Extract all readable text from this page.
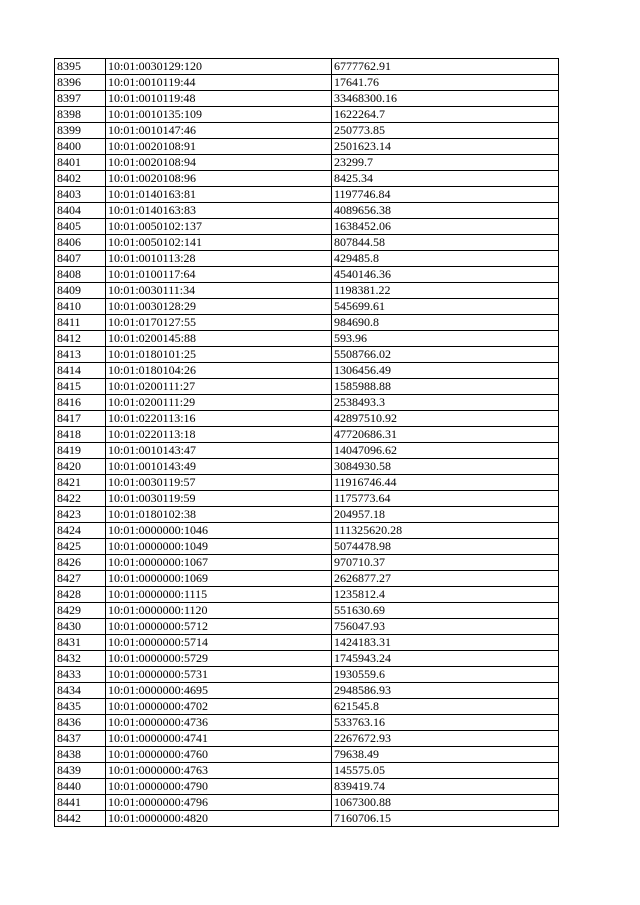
8395	10:01:0030129:120	6777762.91
8396	10:01:0010119:44	17641.76
8397	10:01:0010119:48	33468300.16
8398	10:01:0010135:109	1622264.7
8399	10:01:0010147:46	250773.85
8400	10:01:0020108:91	2501623.14
8401	10:01:0020108:94	23299.7
8402	10:01:0020108:96	8425.34
8403	10:01:0140163:81	1197746.84
8404	10:01:0140163:83	4089656.38
8405	10:01:0050102:137	1638452.06
8406	10:01:0050102:141	807844.58
8407	10:01:0010113:28	429485.8
8408	10:01:0100117:64	4540146.36
8409	10:01:0030111:34	1198381.22
8410	10:01:0030128:29	545699.61
8411	10:01:0170127:55	984690.8
8412	10:01:0200145:88	593.96
8413	10:01:0180101:25	5508766.02
8414	10:01:0180104:26	1306456.49
8415	10:01:0200111:27	1585988.88
8416	10:01:0200111:29	2538493.3
8417	10:01:0220113:16	42897510.92
8418	10:01:0220113:18	47720686.31
8419	10:01:0010143:47	14047096.62
8420	10:01:0010143:49	3084930.58
8421	10:01:0030119:57	11916746.44
8422	10:01:0030119:59	1175773.64
8423	10:01:0180102:38	204957.18
8424	10:01:0000000:1046	111325620.28
8425	10:01:0000000:1049	5074478.98
8426	10:01:0000000:1067	970710.37
8427	10:01:0000000:1069	2626877.27
8428	10:01:0000000:1115	1235812.4
8429	10:01:0000000:1120	551630.69
8430	10:01:0000000:5712	756047.93
8431	10:01:0000000:5714	1424183.31
8432	10:01:0000000:5729	1745943.24
8433	10:01:0000000:5731	1930559.6
8434	10:01:0000000:4695	2948586.93
8435	10:01:0000000:4702	621545.8
8436	10:01:0000000:4736	533763.16
8437	10:01:0000000:4741	2267672.93
8438	10:01:0000000:4760	79638.49
8439	10:01:0000000:4763	145575.05
8440	10:01:0000000:4790	839419.74
8441	10:01:0000000:4796	1067300.88
8442	10:01:0000000:4820	7160706.15
